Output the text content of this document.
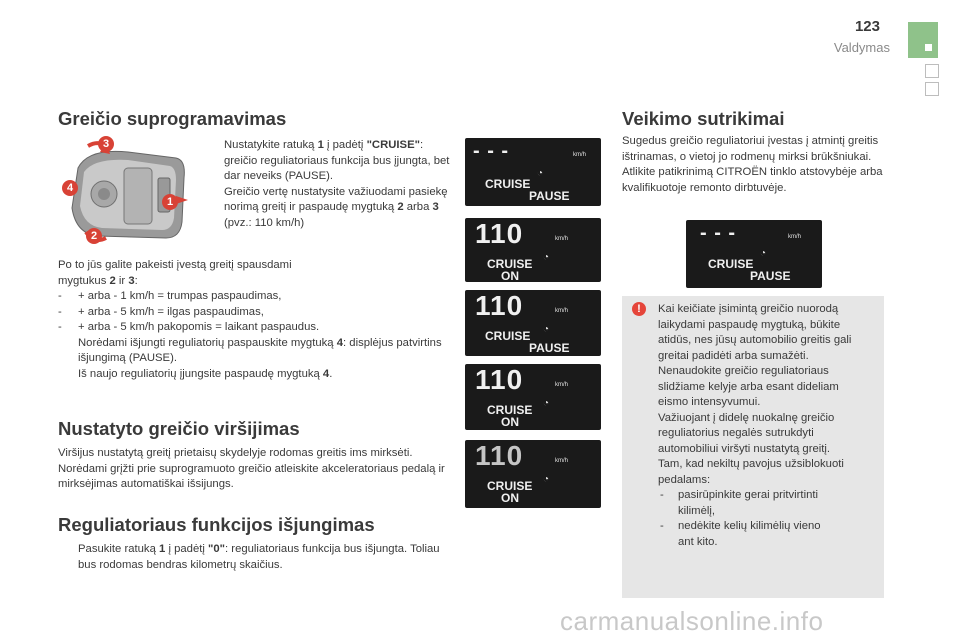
123
Valdymas
Greičio suprogramavimas
3
4
1
2
Nustatykite ratuką 1 į padėtį "CRUISE": greičio reguliatoriaus funkcija bus įjungta, bet dar neveiks (PAUSE).
Greičio vertę nustatysite važiuodami pasiekę norimą greitį ir paspaudę mygtuką 2 arba 3 (pvz.: 110 km/h)
Po to jūs galite pakeisti įvestą greitį spausdami mygtukus 2 ir 3:
- + arba - 1 km/h = trumpas paspaudimas,
- + arba - 5 km/h = ilgas paspaudimas,
- + arba - 5 km/h pakopomis = laikant paspaudus.
Norėdami išjungti reguliatorių paspauskite mygtuką 4: displėjus patvirtins išjungimą (PAUSE).
Iš naujo reguliatorių įjungsite paspaudę mygtuką 4.
Nustatyto greičio viršijimas
Viršijus nustatytą greitį prietaisų skydelyje rodomas greitis ims mirksėti. Norėdami grįžti prie suprogramuoto greičio atleiskite akceleratoriaus pedalą ir mirksėjimas automatiškai išsijungs.
Reguliatoriaus funkcijos išjungimas
Pasukite ratuką 1 į padėtį "0": reguliatoriaus funkcija bus išjungta. Toliau bus rodomas bendras kilometrų skaičius.
- - -	km/h
CRUISE
PAUSE
◔
110	km/h
CRUISE
ON
◔
110	km/h
CRUISE
PAUSE
◔
110	km/h
CRUISE
ON
◔
110	km/h
CRUISE
ON
◔
Veikimo sutrikimai
Sugedus greičio reguliatoriui įvestas į atmintį greitis ištrinamas, o vietoj jo rodmenų mirksi brūkšniukai. Atlikite patikrinimą CITROËN tinklo atstovybėje arba kvalifikuotoje remonto dirbtuvėje.
- - -	km/h
CRUISE
PAUSE
◔
!	Kai keičiate įsimintą greičio nuorodą
laikydami paspaudę mygtuką, būkite
atidūs, nes jūsų automobilio greitis gali
greitai padidėti arba sumažėti.
Nenaudokite greičio reguliatoriaus
slidžiame kelyje arba esant dideliam
eismo intensyvumui.
Važiuojant į didelę nuokalnę greičio
reguliatorius negalės sutrukdyti
automobiliui viršyti nustatytą greitį.
Tam, kad nekiltų pavojus užsiblokuoti
pedalams:
- pasirūpinkite gerai pritvirtinti
kilimėlį,
- nedėkite kelių kilimėlių vieno
ant kito.
carmanualsonline.info
